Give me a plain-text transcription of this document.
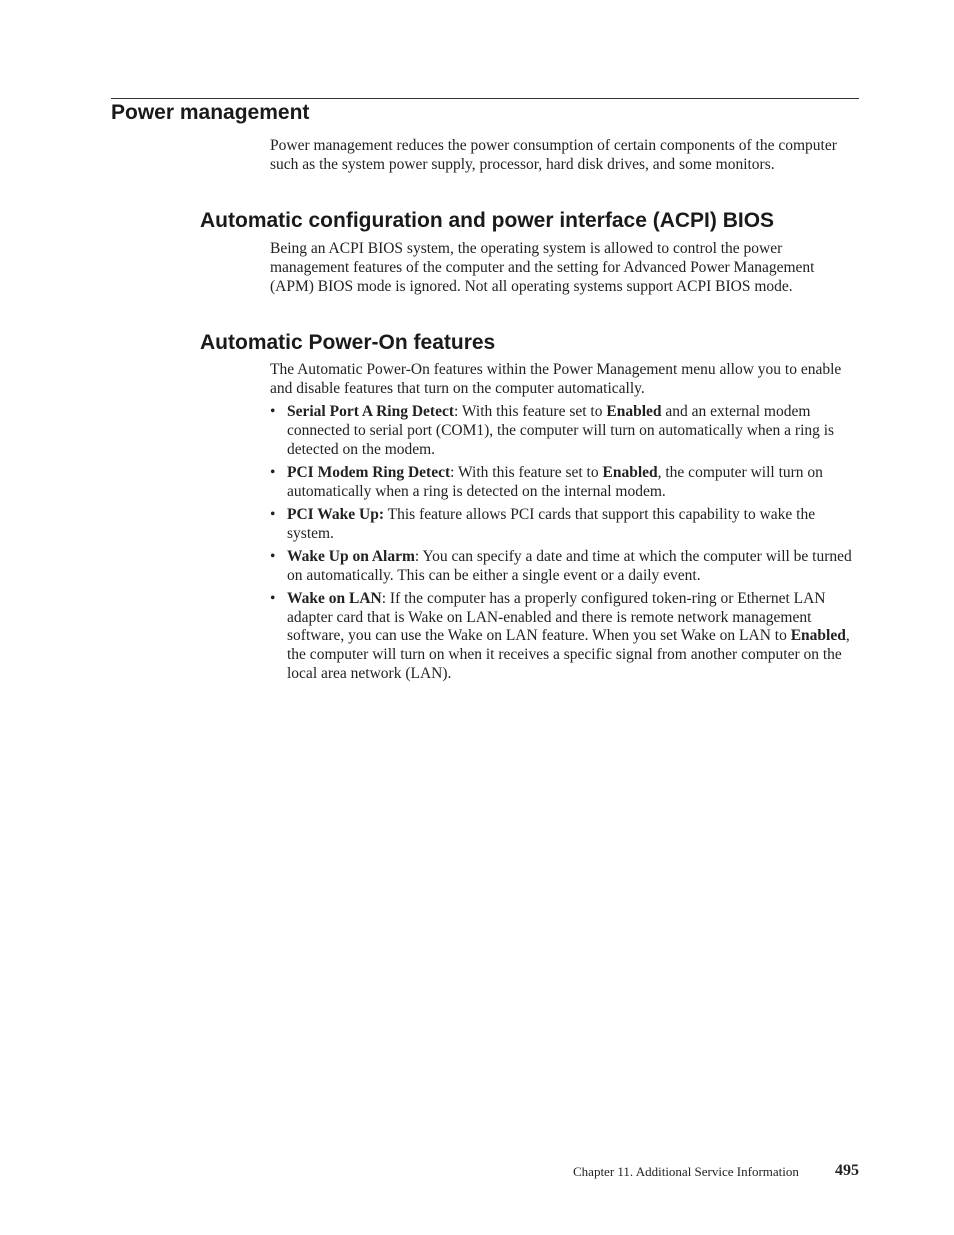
Power management

Power management reduces the power consumption of certain components of the computer such as the system power supply, processor, hard disk drives, and some monitors.

Automatic configuration and power interface (ACPI) BIOS

Being an ACPI BIOS system, the operating system is allowed to control the power management features of the computer and the setting for Advanced Power Management (APM) BIOS mode is ignored. Not all operating systems support ACPI BIOS mode.

Automatic Power-On features

The Automatic Power-On features within the Power Management menu allow you to enable and disable features that turn on the computer automatically.

• Serial Port A Ring Detect: With this feature set to Enabled and an external modem connected to serial port (COM1), the computer will turn on automatically when a ring is detected on the modem.
• PCI Modem Ring Detect: With this feature set to Enabled, the computer will turn on automatically when a ring is detected on the internal modem.
• PCI Wake Up: This feature allows PCI cards that support this capability to wake the system.
• Wake Up on Alarm: You can specify a date and time at which the computer will be turned on automatically. This can be either a single event or a daily event.
• Wake on LAN: If the computer has a properly configured token-ring or Ethernet LAN adapter card that is Wake on LAN-enabled and there is remote network management software, you can use the Wake on LAN feature. When you set Wake on LAN to Enabled, the computer will turn on when it receives a specific signal from another computer on the local area network (LAN).
Chapter 11. Additional Service Information 495
